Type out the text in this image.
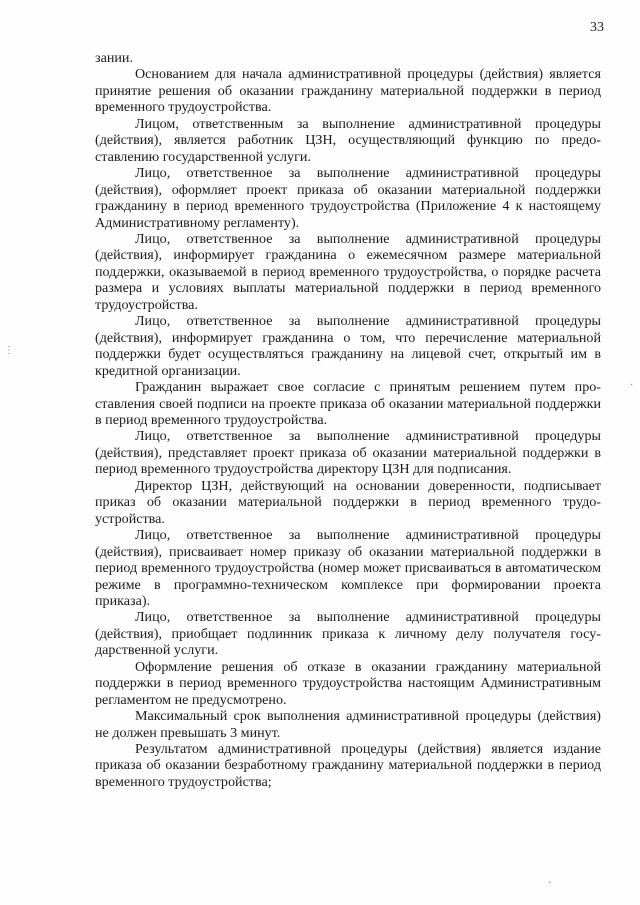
33

зании.

Основанием для начала административной процедуры (действия) является принятие решения об оказании гражданину материальной поддержки в период временного трудоустройства.

Лицом, ответственным за выполнение административной процедуры (действия), является работник ЦЗН, осуществляющий функцию по предоставлению государственной услуги.

Лицо, ответственное за выполнение административной процедуры (действия), оформляет проект приказа об оказании материальной поддержки гражданину в период временного трудоустройства (Приложение 4 к настоящему Административному регламенту).

Лицо, ответственное за выполнение административной процедуры (действия), информирует гражданина о ежемесячном размере материальной поддержки, оказываемой в период временного трудоустройства, о порядке расчета размера и условиях выплаты материальной поддержки в период временного трудоустройства.

Лицо, ответственное за выполнение административной процедуры (действия), информирует гражданина о том, что перечисление материальной поддержки будет осуществляться гражданину на лицевой счет, открытый им в кредитной организации.

Гражданин выражает свое согласие с принятым решением путем проставления своей подписи на проекте приказа об оказании материальной поддержки в период временного трудоустройства.

Лицо, ответственное за выполнение административной процедуры (действия), представляет проект приказа об оказании материальной поддержки в период временного трудоустройства директору ЦЗН для подписания.

Директор ЦЗН, действующий на основании доверенности, подписывает приказ об оказании материальной поддержки в период временного трудоустройства.

Лицо, ответственное за выполнение административной процедуры (действия), присваивает номер приказу об оказании материальной поддержки в период временного трудоустройства (номер может присваиваться в автоматическом режиме в программно-техническом комплексе при формировании проекта приказа).

Лицо, ответственное за выполнение административной процедуры (действия), приобщает подлинник приказа к личному делу получателя государственной услуги.

Оформление решения об отказе в оказании гражданину материальной поддержки в период временного трудоустройства настоящим Административным регламентом не предусмотрено.

Максимальный срок выполнения административной процедуры (действия) не должен превышать 3 минут.

Результатом административной процедуры (действия) является издание приказа об оказании безработному гражданину материальной поддержки в период временного трудоустройства;

⋮
·
·
